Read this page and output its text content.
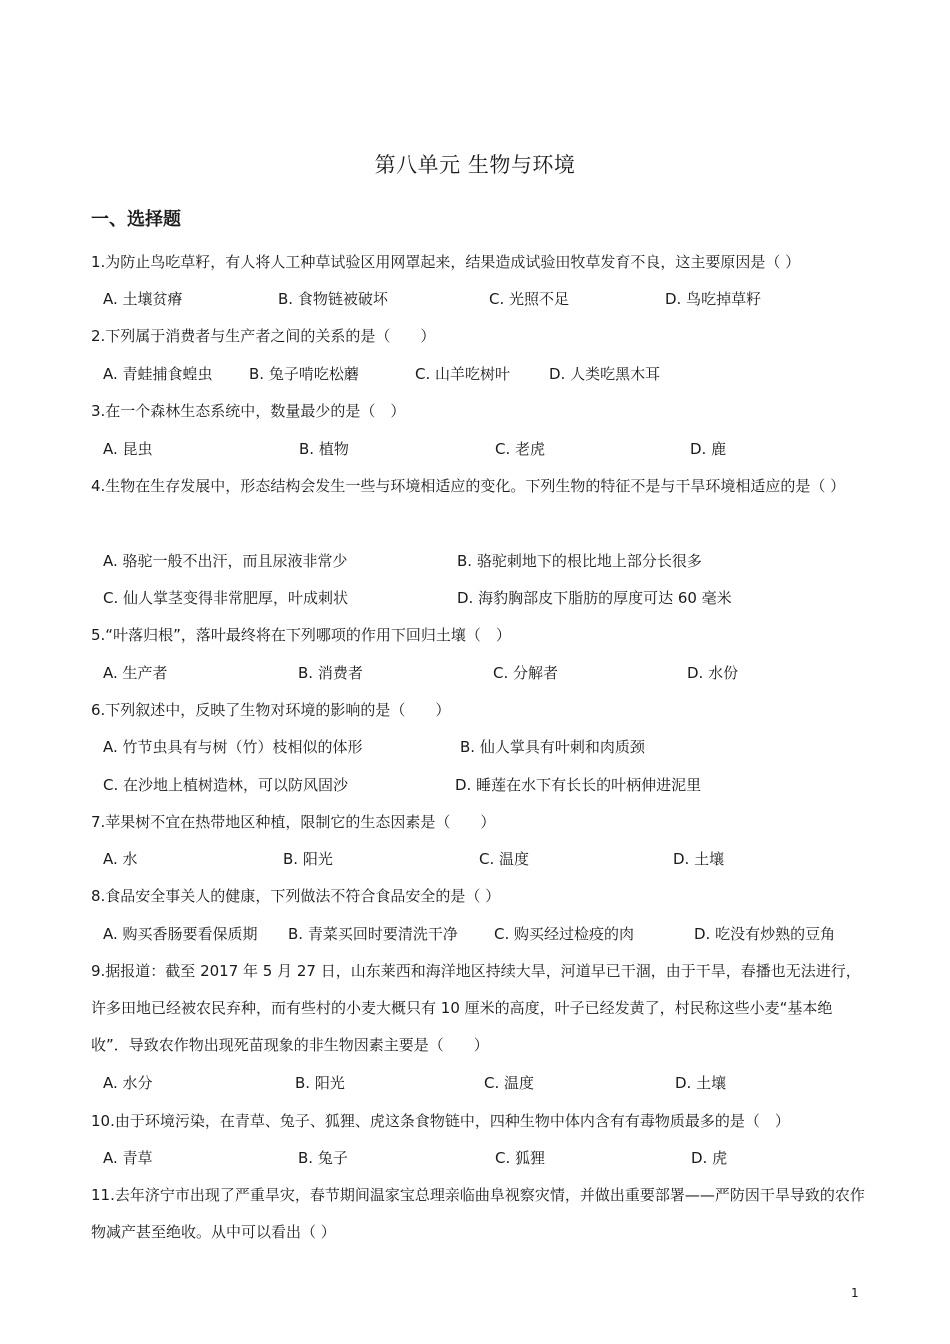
第八单元 生物与环境
一、选择题

1.为防止鸟吃草籽，有人将人工种草试验区用网罩起来，结果造成试验田牧草发育不良，这主要原因是（ ）

A. 土壤贫瘠	B. 食物链被破坏	C. 光照不足	D. 鸟吃掉草籽

2.下列属于消费者与生产者之间的关系的是（　　）

A. 青蛙捕食蝗虫 B. 兔子啃吃松蘑	C. 山羊吃树叶	D. 人类吃黑木耳

3.在一个森林生态系统中，数量最少的是（　）

A. 昆虫	B. 植物	C. 老虎	D. 鹿

4.生物在生存发展中，形态结构会发生一些与环境相适应的变化。下列生物的特征不是与干旱环境相适应的是（ ）

A. 骆驼一般不出汗，而且尿液非常少	B. 骆驼刺地下的根比地上部分长很多
C. 仙人掌茎变得非常肥厚，叶成刺状	D. 海豹胸部皮下脂肪的厚度可达 60 毫米

5.“叶落归根”，落叶最终将在下列哪项的作用下回归土壤（　）

A. 生产者	B. 消费者	C. 分解者	D. 水份

6.下列叙述中，反映了生物对环境的影响的是（　　）

A. 竹节虫具有与树（竹）枝相似的体形	B. 仙人掌具有叶刺和肉质颈
C. 在沙地上植树造林，可以防风固沙	D. 睡莲在水下有长长的叶柄伸进泥里

7.苹果树不宜在热带地区种植，限制它的生态因素是（　　）

A. 水	B. 阳光	C. 温度	D. 土壤

8.食品安全事关人的健康，下列做法不符合食品安全的是（ ）

A. 购买香肠要看保质期 B. 青菜买回时要清洗干净 C. 购买经过检疫的肉	D. 吃没有炒熟的豆角

9.据报道：截至 2017 年 5 月 27 日，山东莱西和海洋地区持续大旱，河道早已干涸，由于干旱，春播也无法进行，许多田地已经被农民弃种，而有些村的小麦大概只有 10 厘米的高度，叶子已经发黄了，村民称这些小麦“基本绝收”．导致农作物出现死苗现象的非生物因素主要是（　　）

A. 水分	B. 阳光	C. 温度	D. 土壤

10.由于环境污染，在青草、兔子、狐狸、虎这条食物链中，四种生物中体内含有有毒物质最多的是（　）

A. 青草	B. 兔子	C. 狐狸	D. 虎

11.去年济宁市出现了严重旱灾，春节期间温家宝总理亲临曲阜视察灾情，并做出重要部署——严防因干旱导致的农作物减产甚至绝收。从中可以看出（ ）

1
